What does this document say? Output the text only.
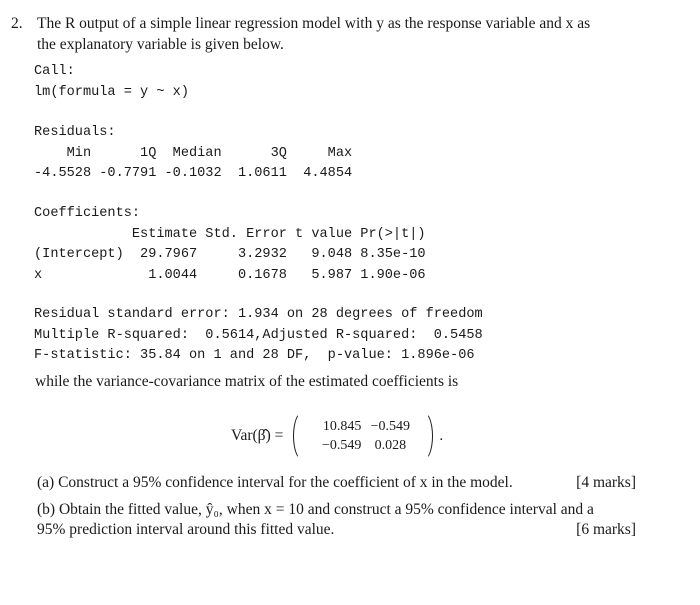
2. The R output of a simple linear regression model with y as the response variable and x as
the explanatory variable is given below.
Call:
lm(formula = y ~ x)
Residuals:
Min      1Q  Median      3Q     Max
-4.5528 -0.7791 -0.1032  1.0611  4.4854
Coefficients:
Estimate Std. Error t value Pr(>|t|)
(Intercept)  29.7967     3.2932   9.048 8.35e-10
x             1.0044     0.1678   5.987 1.90e-06
Residual standard error: 1.934 on 28 degrees of freedom
Multiple R-squared:  0.5614,Adjusted R-squared:  0.5458
F-statistic: 35.84 on 1 and 28 DF,  p-value: 1.896e-06
while the variance-covariance matrix of the estimated coefficients is
Var(β̂) =
10.845 −0.549
−0.549 0.028
.
(a) Construct a 95% confidence interval for the coefficient of x in the model.	[4 marks]
(b) Obtain the fitted value, ŷ₀, when x = 10 and construct a 95% confidence interval and a
95% prediction interval around this fitted value.	[6 marks]
